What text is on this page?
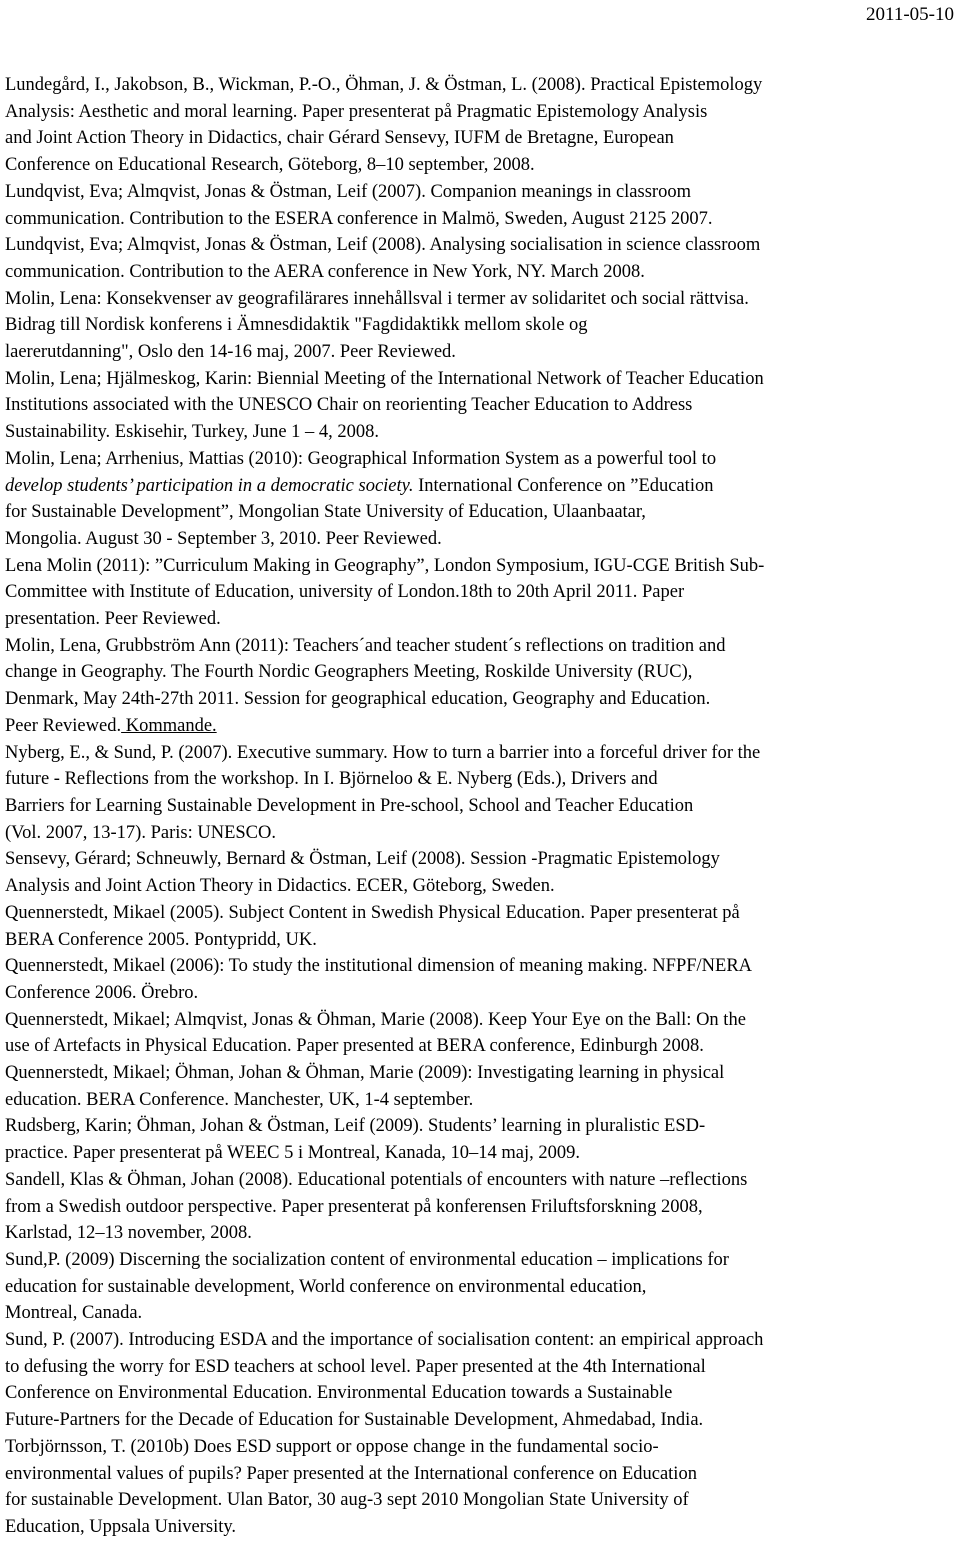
2011-05-10
Lundegård, I., Jakobson, B., Wickman, P.-O., Öhman, J. & Östman, L. (2008). Practical Epistemology
Analysis: Aesthetic and moral learning. Paper presenterat på Pragmatic Epistemology Analysis
and Joint Action Theory in Didactics, chair Gérard Sensevy, IUFM de Bretagne, European
Conference on Educational Research, Göteborg, 8–10 september, 2008.
Lundqvist, Eva; Almqvist, Jonas & Östman, Leif (2007). Companion meanings in classroom
communication. Contribution to the ESERA conference in Malmö, Sweden, August 2125 2007.
Lundqvist, Eva; Almqvist, Jonas & Östman, Leif (2008). Analysing socialisation in science classroom
communication. Contribution to the AERA conference in New York, NY. March 2008.
Molin, Lena: Konsekvenser av geografilärares innehållsval i termer av solidaritet och social rättvisa.
Bidrag till Nordisk konferens i Ämnesdidaktik "Fagdidaktikk mellom skole og
laererutdanning", Oslo den 14-16 maj, 2007. Peer Reviewed.
Molin, Lena; Hjälmeskog, Karin: Biennial Meeting of the International Network of Teacher Education
Institutions associated with the UNESCO Chair on reorienting Teacher Education to Address
Sustainability. Eskisehir, Turkey, June 1 – 4, 2008.
Molin, Lena; Arrhenius, Mattias (2010): Geographical Information System as a powerful tool to
develop students’ participation in a democratic society. International Conference on ”Education
for Sustainable Development”, Mongolian State University of Education, Ulaanbaatar,
Mongolia. August 30 - September 3, 2010. Peer Reviewed.
Lena Molin (2011): ”Curriculum Making in Geography”, London Symposium, IGU-CGE British Sub-
Committee with Institute of Education, university of London.18th to 20th April 2011. Paper
presentation. Peer Reviewed.
Molin, Lena, Grubbström Ann (2011): Teachers´and teacher student´s reflections on tradition and
change in Geography. The Fourth Nordic Geographers Meeting, Roskilde University (RUC),
Denmark, May 24th-27th 2011. Session for geographical education, Geography and Education.
Peer Reviewed. Kommande.
Nyberg, E., & Sund, P. (2007). Executive summary. How to turn a barrier into a forceful driver for the
future - Reflections from the workshop. In I. Björneloo & E. Nyberg (Eds.), Drivers and
Barriers for Learning Sustainable Development in Pre-school, School and Teacher Education
(Vol. 2007, 13-17). Paris: UNESCO.
Sensevy, Gérard; Schneuwly, Bernard & Östman, Leif (2008). Session -Pragmatic Epistemology
Analysis and Joint Action Theory in Didactics. ECER, Göteborg, Sweden.
Quennerstedt, Mikael (2005). Subject Content in Swedish Physical Education. Paper presenterat på
BERA Conference 2005. Pontypridd, UK.
Quennerstedt, Mikael (2006): To study the institutional dimension of meaning making. NFPF/NERA
Conference 2006. Örebro.
Quennerstedt, Mikael; Almqvist, Jonas & Öhman, Marie (2008). Keep Your Eye on the Ball: On the
use of Artefacts in Physical Education. Paper presented at BERA conference, Edinburgh 2008.
Quennerstedt, Mikael; Öhman, Johan & Öhman, Marie (2009): Investigating learning in physical
education. BERA Conference. Manchester, UK, 1-4 september.
Rudsberg, Karin; Öhman, Johan & Östman, Leif (2009). Students’ learning in pluralistic ESD-
practice. Paper presenterat på WEEC 5 i Montreal, Kanada, 10–14 maj, 2009.
Sandell, Klas & Öhman, Johan (2008). Educational potentials of encounters with nature –reflections
from a Swedish outdoor perspective. Paper presenterat på konferensen Friluftsforskning 2008,
Karlstad, 12–13 november, 2008.
Sund,P. (2009) Discerning the socialization content of environmental education – implications for
education for sustainable development, World conference on environmental education,
Montreal, Canada.
Sund, P. (2007). Introducing ESDA and the importance of socialisation content: an empirical approach
to defusing the worry for ESD teachers at school level. Paper presented at the 4th International
Conference on Environmental Education. Environmental Education towards a Sustainable
Future-Partners for the Decade of Education for Sustainable Development, Ahmedabad, India.
Torbjörnsson, T. (2010b) Does ESD support or oppose change in the fundamental socio-
environmental values of pupils? Paper presented at the International conference on Education
for sustainable Development. Ulan Bator, 30 aug-3 sept 2010 Mongolian State University of
Education, Uppsala University.
